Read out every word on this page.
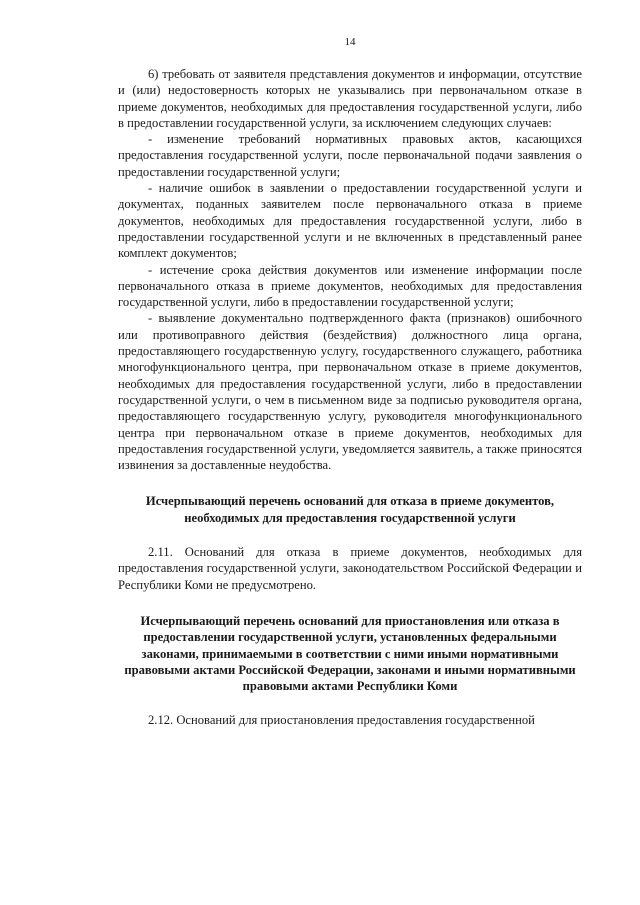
14

6) требовать от заявителя представления документов и информации, отсутствие и (или) недостоверность которых не указывались при первоначальном отказе в приеме документов, необходимых для предоставления государственной услуги, либо в предоставлении государственной услуги, за исключением следующих случаев:

- изменение требований нормативных правовых актов, касающихся предоставления государственной услуги, после первоначальной подачи заявления о предоставлении государственной услуги;

- наличие ошибок в заявлении о предоставлении государственной услуги и документах, поданных заявителем после первоначального отказа в приеме документов, необходимых для предоставления государственной услуги, либо в предоставлении государственной услуги и не включенных в представленный ранее комплект документов;

- истечение срока действия документов или изменение информации после первоначального отказа в приеме документов, необходимых для предоставления государственной услуги, либо в предоставлении государственной услуги;

- выявление документально подтвержденного факта (признаков) ошибочного или противоправного действия (бездействия) должностного лица органа, предоставляющего государственную услугу, государственного служащего, работника многофункционального центра, при первоначальном отказе в приеме документов, необходимых для предоставления государственной услуги, либо в предоставлении государственной услуги, о чем в письменном виде за подписью руководителя органа, предоставляющего государственную услугу, руководителя многофункционального центра при первоначальном отказе в приеме документов, необходимых для предоставления государственной услуги, уведомляется заявитель, а также приносятся извинения за доставленные неудобства.

Исчерпывающий перечень оснований для отказа в приеме документов, необходимых для предоставления государственной услуги

2.11. Оснований для отказа в приеме документов, необходимых для предоставления государственной услуги, законодательством Российской Федерации и Республики Коми не предусмотрено.

Исчерпывающий перечень оснований для приостановления или отказа в предоставлении государственной услуги, установленных федеральными законами, принимаемыми в соответствии с ними иными нормативными правовыми актами Российской Федерации, законами и иными нормативными правовыми актами Республики Коми

2.12. Оснований для приостановления предоставления государственной
